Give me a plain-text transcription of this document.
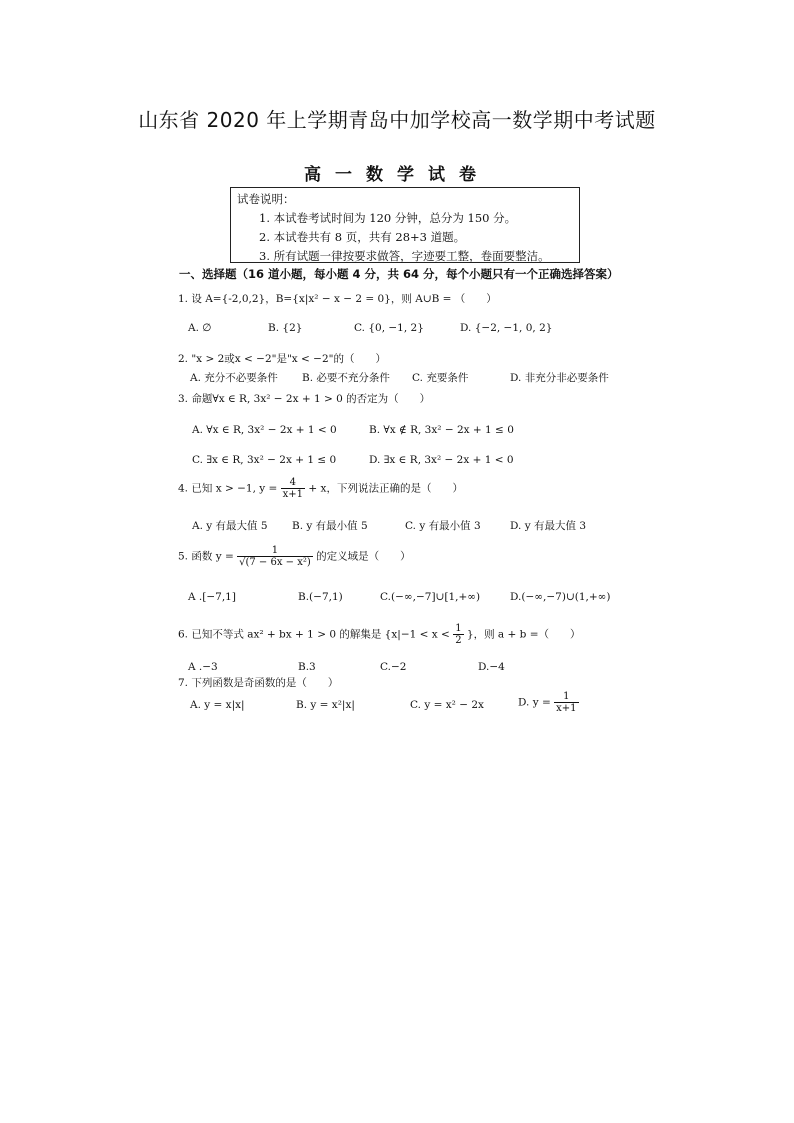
山东省 2020 年上学期青岛中加学校高一数学期中考试题
高一数学试卷
试卷说明：
1. 本试卷考试时间为 120 分钟，总分为 150 分。
2. 本试卷共有 8 页，共有 28+3 道题。
3. 所有试题一律按要求做答，字迹要工整，卷面要整洁。
一、选择题（16 道小题，每小题 4 分，共 64 分，每个小题只有一个正确选择答案）
1. 设 A={-2,0,2}，B={x|x² − x − 2 = 0}，则 A∪B = （　　）
A. ∅	B. {2}	C. {0, −1, 2}	D. {−2, −1, 0, 2}
2. "x > 2或x < −2"是"x < −2"的（　　）
A. 充分不必要条件 B. 必要不充分条件 C. 充要条件	D. 非充分非必要条件
3. 命题∀x ∈ R, 3x² − 2x + 1 > 0 的否定为（　　）
A. ∀x ∈ R, 3x² − 2x + 1 < 0	B. ∀x ∉ R, 3x² − 2x + 1 ≤ 0
C. ∃x ∈ R, 3x² − 2x + 1 ≤ 0	D. ∃x ∈ R, 3x² − 2x + 1 < 0
4. 已知 x > −1, $y = \frac{4}{x+1} + x$，下列说法正确的是（　　）
A. y 有最大值 5 B. y 有最小值 5	C. y 有最小值 3	D. y 有最大值 3
5. 函数 $y = \frac{1}{\text{√(7 − 6x − x²)}}$ 的定义域是（　　）
A .[−7,1]	B.(−7,1)	C.(−∞,−7]∪[1,+∞)	D.(−∞,−7)∪(1,+∞)
6. 已知不等式 ax² + bx + 1 > 0 的解集是 {$x|-1 < x < \frac{1}{2}$ }，则 a + b =（　　）
A .−3	B.3	C.−2	D.−4
7. 下列函数是奇函数的是（　　）
A. y = x|x|	B. y = x²|x|	C. y = x² − 2x	D. $y = \frac{1}{x+1}$
